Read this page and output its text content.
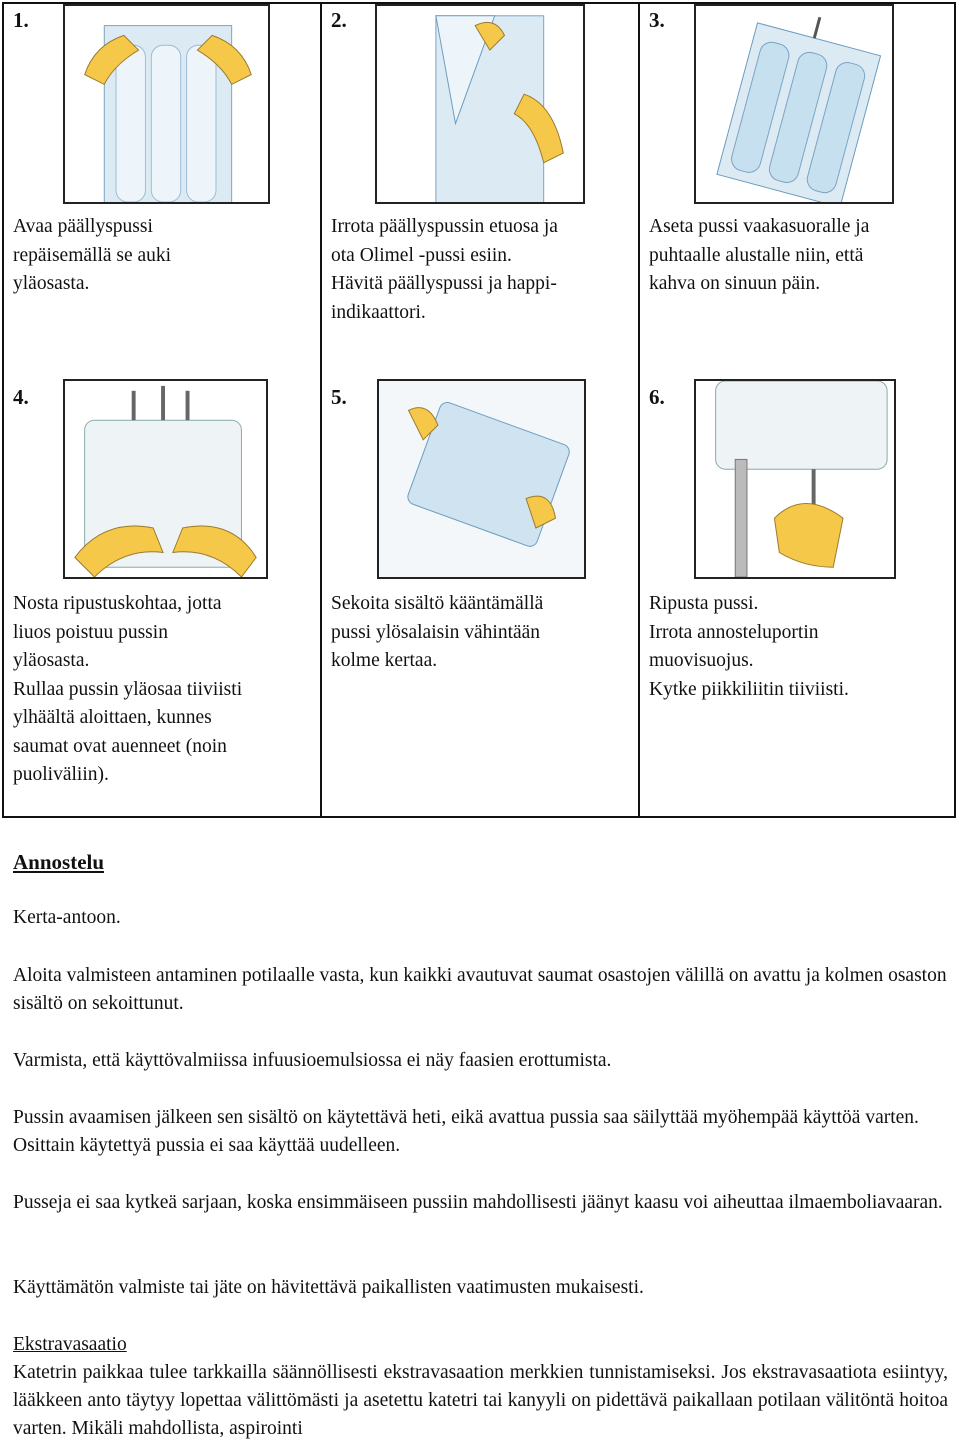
1.	2.	3.
Avaa päällyspussi
repäisemällä se auki
yläosasta.
Irrota päällyspussin etuosa ja
ota Olimel -pussi esiin.
Hävitä päällyspussi ja happi-
indikaattori.
Aseta pussi vaakasuoralle ja
puhtaalle alustalle niin, että
kahva on sinuun päin.
4.	5.	6.
Nosta ripustuskohtaa, jotta
liuos poistuu pussin
yläosasta.
Rullaa pussin yläosaa tiiviisti
ylhäältä aloittaen, kunnes
saumat ovat auenneet (noin
puoliväliin).
Sekoita sisältö kääntämällä
pussi ylösalaisin vähintään
kolme kertaa.
Ripusta pussi.
Irrota annosteluportin
muovisuojus.
Kytke piikkiliitin tiiviisti.
Annostelu
Kerta-antoon.
Aloita valmisteen antaminen potilaalle vasta, kun kaikki avautuvat saumat osastojen välillä on avattu ja kolmen osaston sisältö on sekoittunut.
Varmista, että käyttövalmiissa infuusioemulsiossa ei näy faasien erottumista.
Pussin avaamisen jälkeen sen sisältö on käytettävä heti, eikä avattua pussia saa säilyttää myöhempää käyttöä varten. Osittain käytettyä pussia ei saa käyttää uudelleen.
Pusseja ei saa kytkeä sarjaan, koska ensimmäiseen pussiin mahdollisesti jäänyt kaasu voi aiheuttaa ilmaemboliavaaran.
Käyttämätön valmiste tai jäte on hävitettävä paikallisten vaatimusten mukaisesti.
Ekstravasaatio
Katetrin paikkaa tulee tarkkailla säännöllisesti ekstravasaation merkkien tunnistamiseksi. Jos ekstravasaatiota esiintyy, lääkkeen anto täytyy lopettaa välittömästi ja asetettu katetri tai kanyyli on pidettävä paikallaan potilaan välitöntä hoitoa varten. Mikäli mahdollista, aspirointi
